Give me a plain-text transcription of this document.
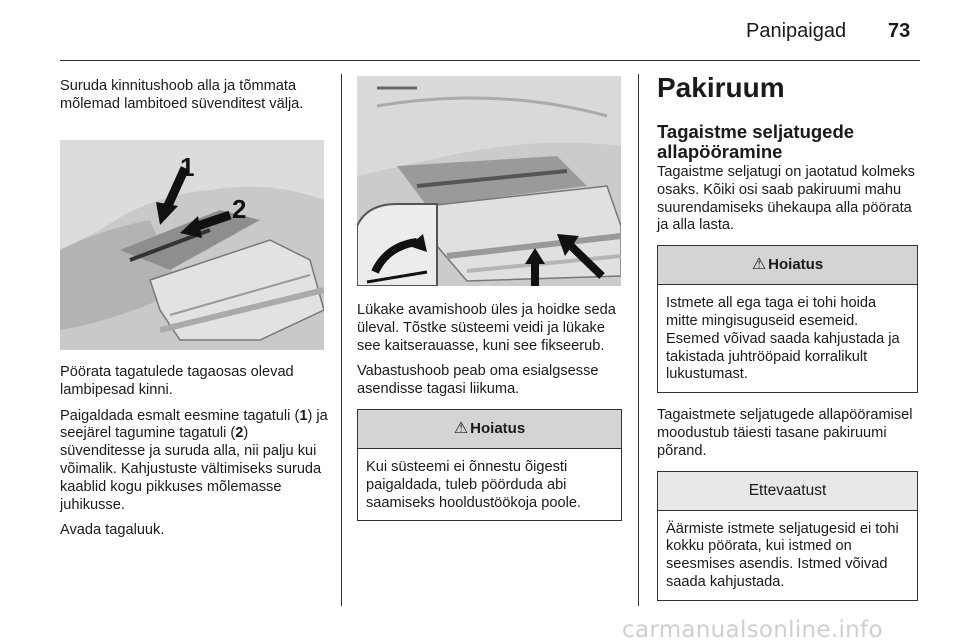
Panipaigad 73

Suruda kinnitushoob alla ja tõmmata mõlemad lambitoed süvenditest välja.

1
2

Pöörata tagatulede tagaosas olevad lambipesad kinni.

Paigaldada esmalt eesmine tagatuli (1) ja seejärel tagumine tagatuli (2) süvenditesse ja suruda alla, nii palju kui võimalik. Kahjustuste vältimiseks suruda kaablid kogu pikkuses mõlemasse juhikusse.

Avada tagaluuk.

Lükake avamishoob üles ja hoidke seda üleval. Tõstke süsteemi veidi ja lükake see kaitserauasse, kuni see fikseerub.

Vabastushoob peab oma esialgsesse asendisse tagasi liikuma.

⚠ Hoiatus
Kui süsteemi ei õnnestu õigesti paigaldada, tuleb pöörduda abi saamiseks hooldustöökoja poole.
Pakiruum
Tagaistme seljatugede allapööramine

Tagaistme seljatugi on jaotatud kolmeks osaks. Kõiki osi saab pakiruumi mahu suurendamiseks ühekaupa alla pöörata ja alla lasta.

⚠ Hoiatus
Istmete all ega taga ei tohi hoida mitte mingisuguseid esemeid. Esemed võivad saada kahjustada ja takistada juhtrööpaid korralikult lukustumast.

Tagaistmete seljatugede allapööramisel moodustub täiesti tasane pakiruumi põrand.

Ettevaatust
Äärmiste istmete seljatugesid ei tohi kokku pöörata, kui istmed on seesmises asendis. Istmed võivad saada kahjustada.
carmanualsonline.info
